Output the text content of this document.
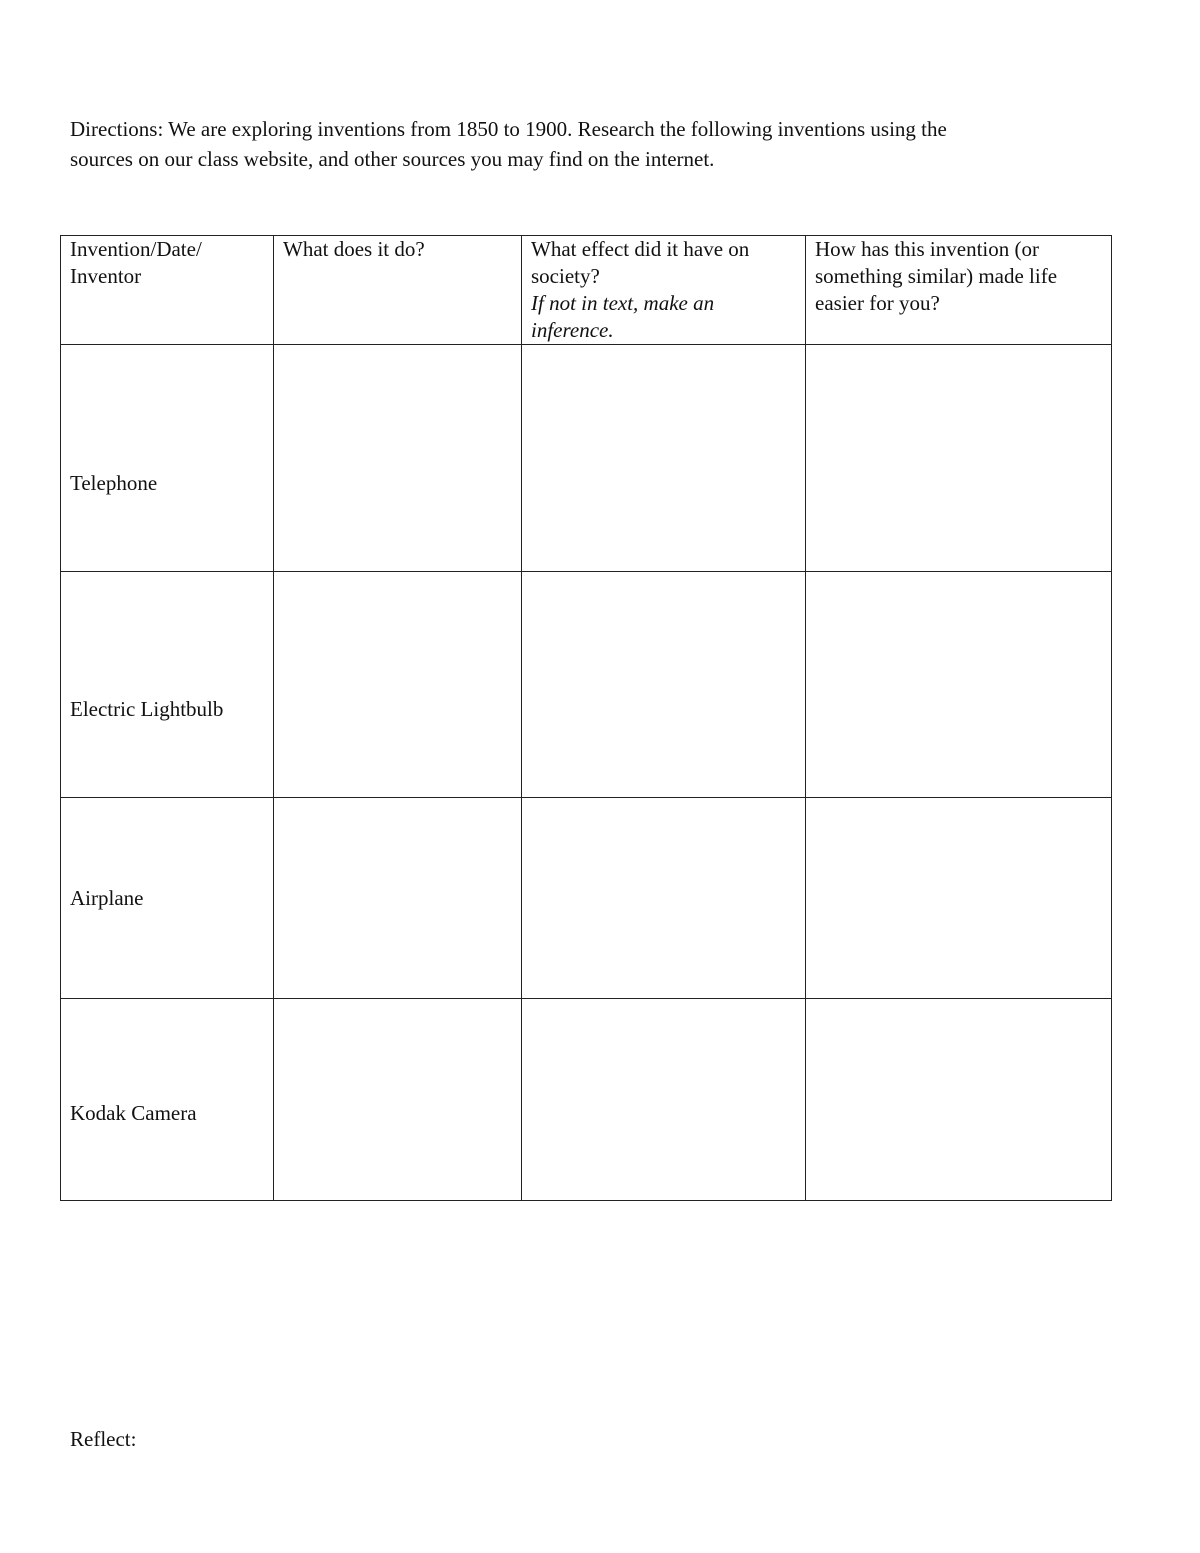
Directions: We are exploring inventions from 1850 to 1900. Research the following inventions using the
sources on our class website, and other sources you may find on the internet.
Invention/Date/
Inventor	What does it do?	What effect did it have on
society?
If not in text, make an
inference.	How has this invention (or
something similar) made life
easier for you?

Telephone			

Electric Lightbulb			

Airplane			

Kodak Camera			

Reflect:
